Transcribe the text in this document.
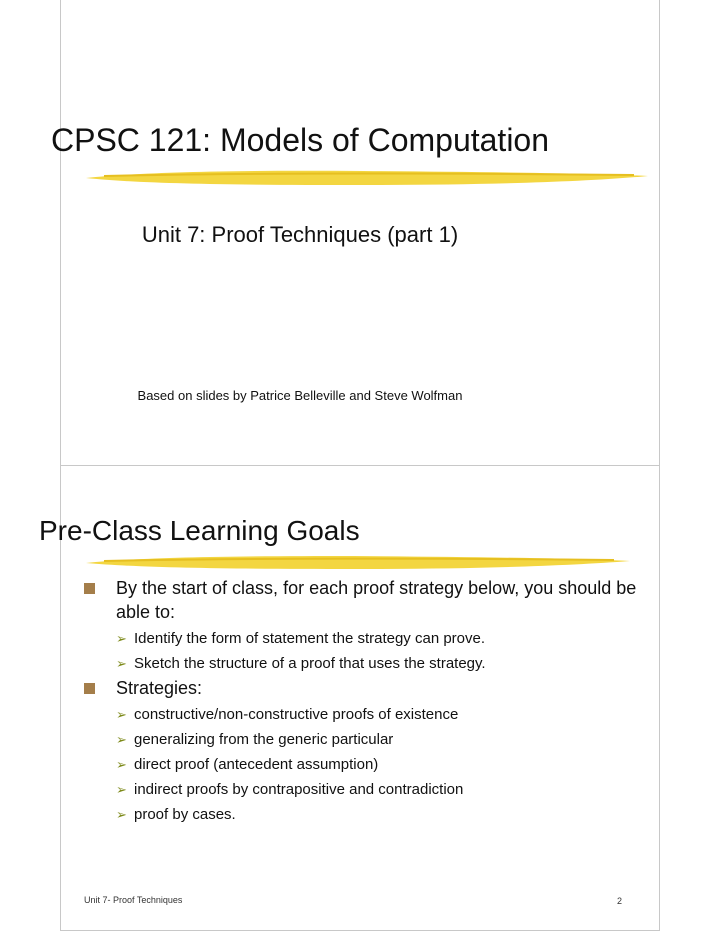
CPSC 121: Models of Computation
Unit 7: Proof Techniques (part 1)
Based on slides by Patrice Belleville and Steve Wolfman
Pre-Class Learning Goals
By the start of class, for each proof strategy below, you should be able to:
➢ Identify the form of statement the strategy can prove.
➢ Sketch the structure of a proof that uses the strategy.
Strategies:
➢ constructive/non-constructive proofs of existence
➢ generalizing from the generic particular
➢ direct proof (antecedent assumption)
➢ indirect proofs by contrapositive and contradiction
➢ proof by cases.
Unit 7- Proof Techniques	2
